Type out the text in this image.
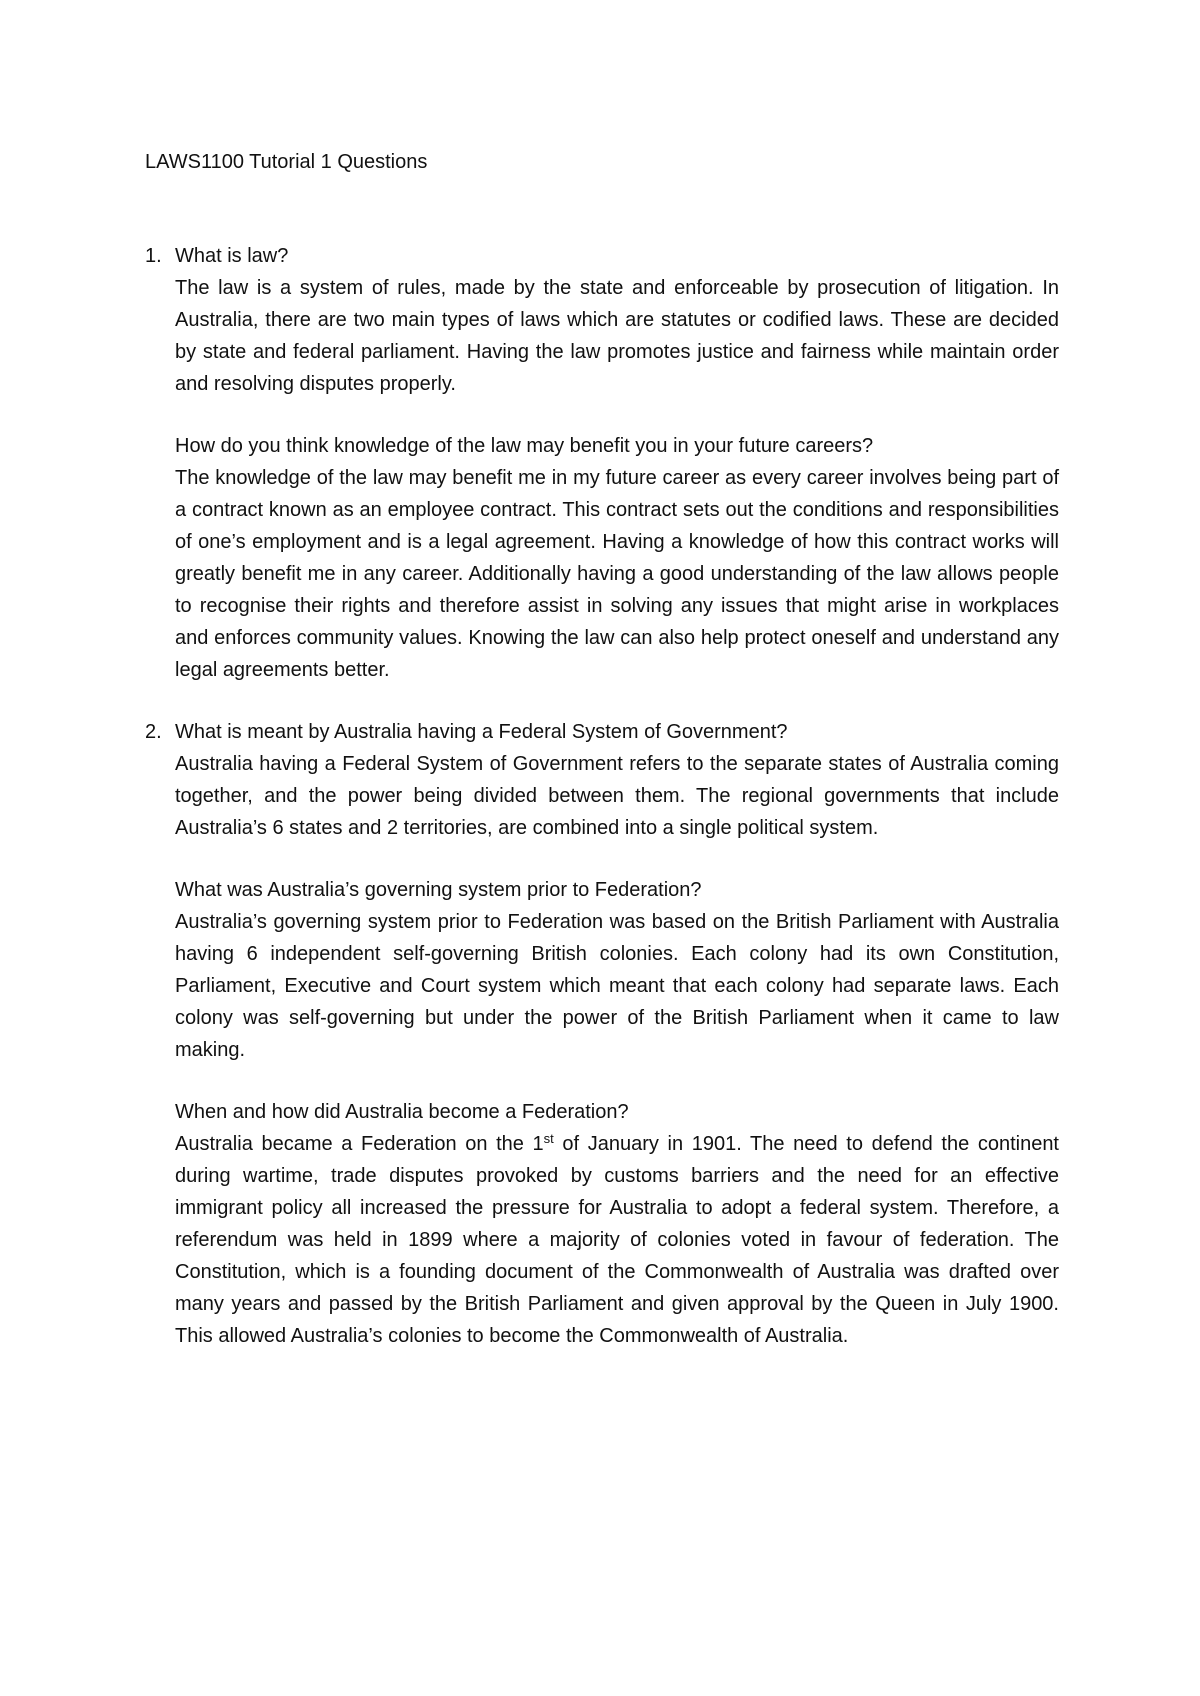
LAWS1100 Tutorial 1 Questions
1. What is law?

The law is a system of rules, made by the state and enforceable by prosecution of litigation. In Australia, there are two main types of laws which are statutes or codified laws. These are decided by state and federal parliament. Having the law promotes justice and fairness while maintain order and resolving disputes properly.

How do you think knowledge of the law may benefit you in your future careers?

The knowledge of the law may benefit me in my future career as every career involves being part of a contract known as an employee contract. This contract sets out the conditions and responsibilities of one’s employment and is a legal agreement. Having a knowledge of how this contract works will greatly benefit me in any career. Additionally having a good understanding of the law allows people to recognise their rights and therefore assist in solving any issues that might arise in workplaces and enforces community values. Knowing the law can also help protect oneself and understand any legal agreements better.

2. What is meant by Australia having a Federal System of Government?

Australia having a Federal System of Government refers to the separate states of Australia coming together, and the power being divided between them. The regional governments that include Australia’s 6 states and 2 territories, are combined into a single political system.

What was Australia’s governing system prior to Federation?

Australia’s governing system prior to Federation was based on the British Parliament with Australia having 6 independent self-governing British colonies. Each colony had its own Constitution, Parliament, Executive and Court system which meant that each colony had separate laws. Each colony was self-governing but under the power of the British Parliament when it came to law making.

When and how did Australia become a Federation?

Australia became a Federation on the 1st of January in 1901. The need to defend the continent during wartime, trade disputes provoked by customs barriers and the need for an effective immigrant policy all increased the pressure for Australia to adopt a federal system. Therefore, a referendum was held in 1899 where a majority of colonies voted in favour of federation. The Constitution, which is a founding document of the Commonwealth of Australia was drafted over many years and passed by the British Parliament and given approval by the Queen in July 1900. This allowed Australia’s colonies to become the Commonwealth of Australia.
